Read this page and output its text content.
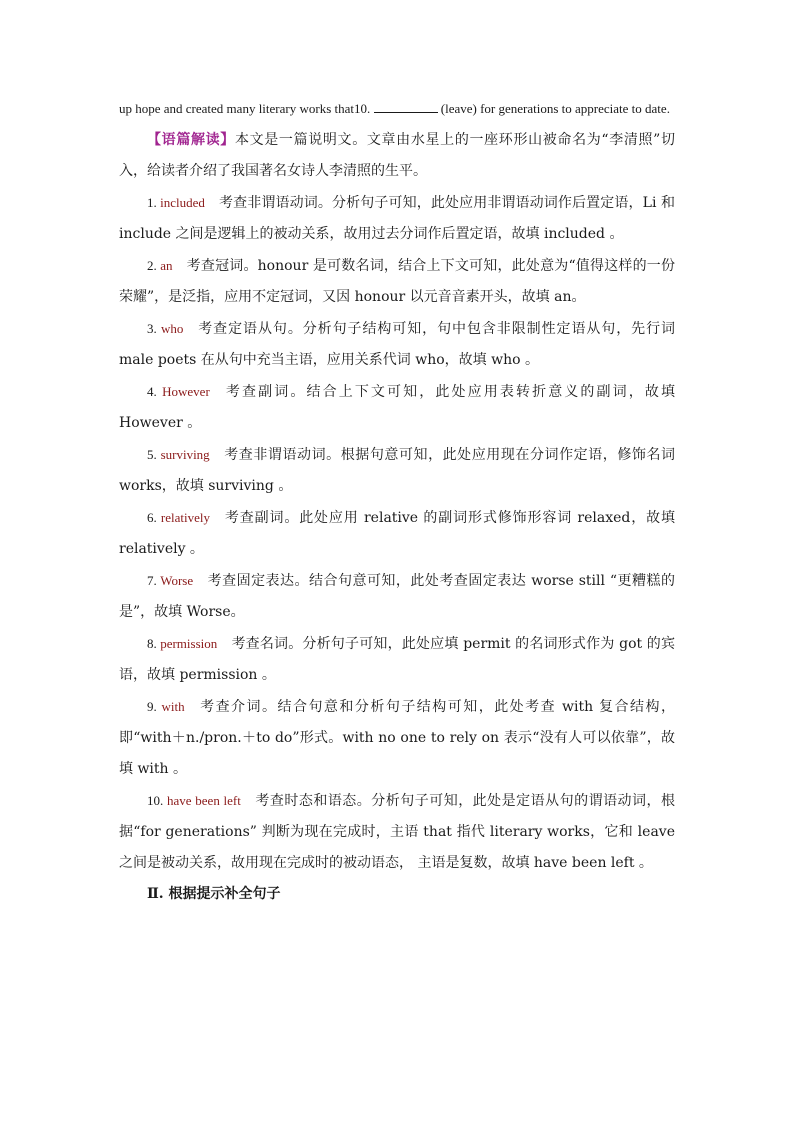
up hope and created many literary works that10.	(leave) for generations to appreciate to date.

【语篇解读】本文是一篇说明文。文章由水星上的一座环形山被命名为“李清照”切入，给读者介绍了我国著名女诗人李清照的生平。

1. included 考查非谓语动词。分析句子可知，此处应用非谓语动词作后置定语，Li 和 include 之间是逻辑上的被动关系，故用过去分词作后置定语，故填 included 。

2. an 考查冠词。honour 是可数名词，结合上下文可知，此处意为“值得这样的一份荣耀”，是泛指，应用不定冠词，又因 honour 以元音音素开头，故填 an。

3. who 考查定语从句。分析句子结构可知，句中包含非限制性定语从句，先行词 male poets 在从句中充当主语，应用关系代词 who，故填 who 。

4. However 考查副词。结合上下文可知，此处应用表转折意义的副词，故填 However 。

5. surviving 考查非谓语动词。根据句意可知，此处应用现在分词作定语，修饰名词 works，故填 surviving 。

6. relatively 考查副词。此处应用 relative 的副词形式修饰形容词 relaxed，故填 relatively 。

7. Worse 考查固定表达。结合句意可知，此处考查固定表达 worse still “更糟糕的是”，故填 Worse。

8. permission 考查名词。分析句子可知，此处应填 permit 的名词形式作为 got 的宾语，故填 permission 。

9. with 考查介词。结合句意和分析句子结构可知，此处考查 with 复合结构，即“with＋n./pron.＋to do”形式。with no one to rely on 表示“没有人可以依靠”，故填 with 。

10. have been left 考查时态和语态。分析句子可知，此处是定语从句的谓语动词，根据“for generations” 判断为现在完成时，主语 that 指代 literary works，它和 leave 之间是被动关系，故用现在完成时的被动语态， 主语是复数，故填 have been left 。

Ⅱ. 根据提示补全句子
